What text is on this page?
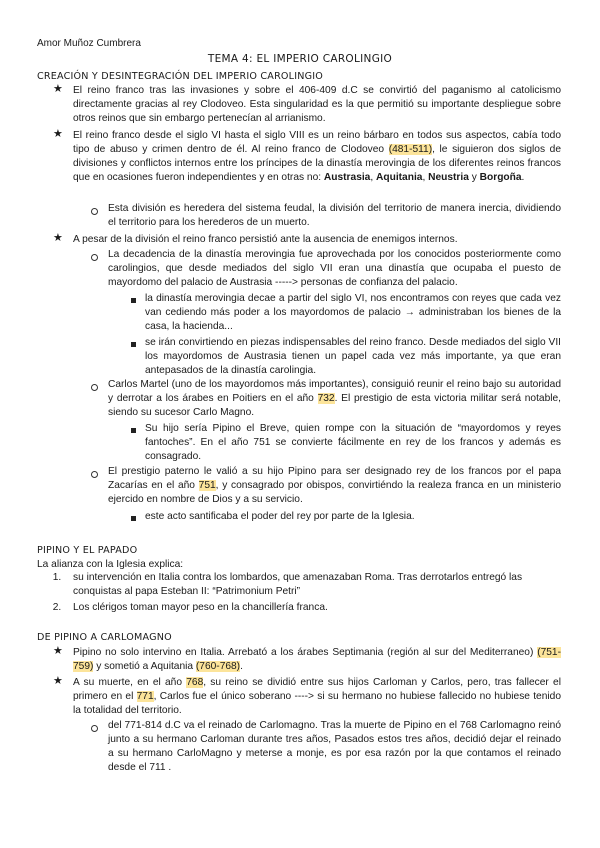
Amor Muñoz Cumbrera
TEMA 4: EL IMPERIO CAROLINGIO
CREACIÓN Y DESINTEGRACIÓN DEL IMPERIO CAROLINGIO
★ El reino franco tras las invasiones y sobre el 406-409 d.C se convirtió del paganismo al catolicismo directamente gracias al rey Clodoveo. Esta singularidad es la que permitió su importante despliegue sobre otros reinos que sin embargo pertenecían al arrianismo.
★ El reino franco desde el siglo VI hasta el siglo VIII es un reino bárbaro en todos sus aspectos, cabía todo tipo de abuso y crimen dentro de él. Al reino franco de Clodoveo (481-511), le siguieron dos siglos de divisiones y conflictos internos entre los príncipes de la dinastía merovingia de los diferentes reinos francos que en ocasiones fueron independientes y en otras no: Austrasia, Aquitania, Neustria y Borgoña.
Esta división es heredera del sistema feudal, la división del territorio de manera inercia, dividiendo el territorio para los herederos de un muerto.
★ A pesar de la división el reino franco persistió ante la ausencia de enemigos internos.
La decadencia de la dinastía merovingia fue aprovechada por los conocidos posteriormente como carolingios, que desde mediados del siglo VII eran una dinastía que ocupaba el puesto de mayordomo del palacio de Austrasia -----> personas de confianza del palacio.
la dinastía merovingia decae a partir del siglo VI, nos encontramos con reyes que cada vez van cediendo más poder a los mayordomos de palacio → administraban los bienes de la casa, la hacienda...
se irán convirtiendo en piezas indispensables del reino franco. Desde mediados del siglo VII los mayordomos de Austrasia tienen un papel cada vez más importante, ya que eran antepasados de la dinastía carolingia.
Carlos Martel (uno de los mayordomos más importantes), consiguió reunir el reino bajo su autoridad y derrotar a los árabes en Poitiers en el año 732. El prestigio de esta victoria militar será notable, siendo su sucesor Carlo Magno.
Su hijo sería Pipino el Breve, quien rompe con la situación de “mayordomos y reyes fantoches”. En el año 751 se convierte fácilmente en rey de los francos y además es consagrado.
El prestigio paterno le valió a su hijo Pipino para ser designado rey de los francos por el papa Zacarías en el año 751, y consagrado por obispos, convirtiéndo la realeza franca en un ministerio ejercido en nombre de Dios y a su servicio.
este acto santificaba el poder del rey por parte de la Iglesia.
PIPINO Y EL PAPADO
La alianza con la Iglesia explica:
1. su intervención en Italia contra los lombardos, que amenazaban Roma. Tras derrotarlos entregó las conquistas al papa Esteban II: “Patrimonium Petri”
2. Los clérigos toman mayor peso en la chancillería franca.
DE PIPINO A CARLOMAGNO
★ Pipino no solo intervino en Italia. Arrebató a los árabes Septimania (región al sur del Mediterraneo) (751-759) y sometió a Aquitania (760-768).
★ A su muerte, en el año 768, su reino se dividió entre sus hijos Carloman y Carlos, pero, tras fallecer el primero en el 771, Carlos fue el único soberano ----> si su hermano no hubiese fallecido no hubiese tenido la totalidad del territorio.
del 771-814 d.C va el reinado de Carlomagno. Tras la muerte de Pipino en el 768 Carlomagno reinó junto a su hermano Carloman durante tres años, Pasados estos tres años, decidió dejar el reinado a su hermano CarloMagno y meterse a monje, es por esa razón por la que contamos el reinado desde el 711 .
